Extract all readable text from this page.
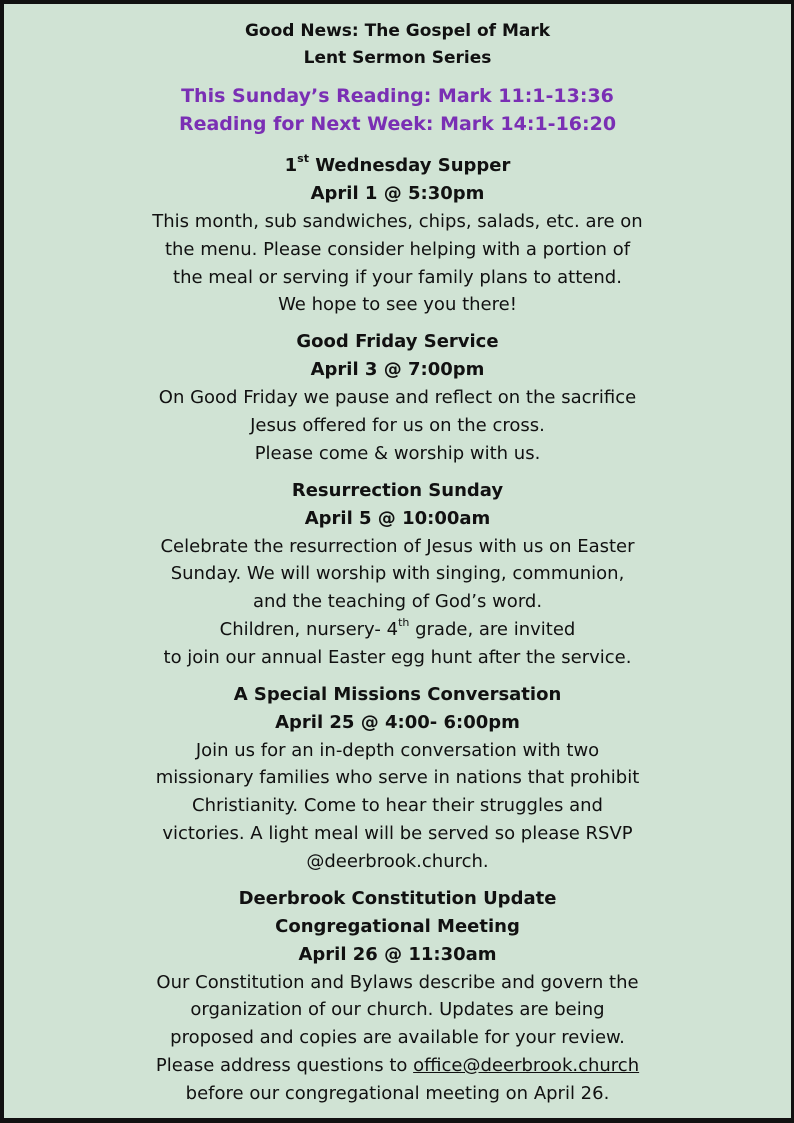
Good News: The Gospel of Mark
Lent Sermon Series
This Sunday’s Reading: Mark 11:1-13:36
Reading for Next Week: Mark 14:1-16:20
1st Wednesday Supper
April 1 @ 5:30pm
This month, sub sandwiches, chips, salads, etc. are on
the menu. Please consider helping with a portion of
the meal or serving if your family plans to attend.
We hope to see you there!
Good Friday Service
April 3 @ 7:00pm
On Good Friday we pause and reflect on the sacrifice
Jesus offered for us on the cross.
Please come & worship with us.
Resurrection Sunday
April 5 @ 10:00am
Celebrate the resurrection of Jesus with us on Easter
Sunday. We will worship with singing, communion,
and the teaching of God’s word.
Children, nursery- 4th grade, are invited
to join our annual Easter egg hunt after the service.
A Special Missions Conversation
April 25 @ 4:00- 6:00pm
Join us for an in-depth conversation with two
missionary families who serve in nations that prohibit
Christianity. Come to hear their struggles and
victories. A light meal will be served so please RSVP
@deerbrook.church.
Deerbrook Constitution Update
Congregational Meeting
April 26 @ 11:30am
Our Constitution and Bylaws describe and govern the
organization of our church. Updates are being
proposed and copies are available for your review.
Please address questions to office@deerbrook.church
before our congregational meeting on April 26.
